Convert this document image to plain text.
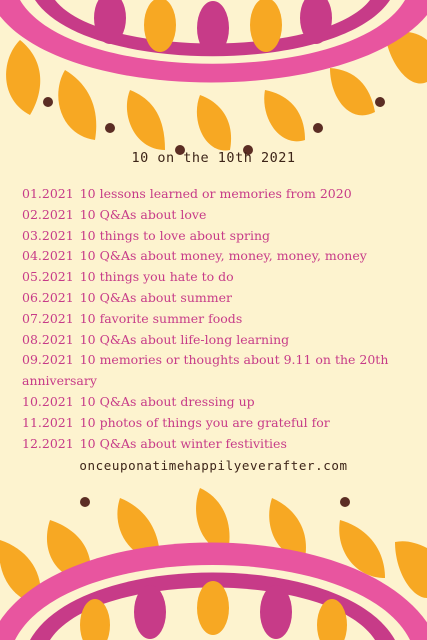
10 on the 10th 2021
01.2021 10 lessons learned or memories from 2020
02.2021 10 Q&As about love
03.2021 10 things to love about spring
04.2021 10 Q&As about money, money, money, money
05.2021 10 things you hate to do
06.2021 10 Q&As about summer
07.2021 10 favorite summer foods
08.2021 10 Q&As about life-long learning
09.2021 10 memories or thoughts about 9.11 on the 20th anniversary
10.2021 10 Q&As about dressing up
11.2021 10 photos of things you are grateful for
12.2021 10 Q&As about winter festivities
onceuponatimehappilyeverafter.com
